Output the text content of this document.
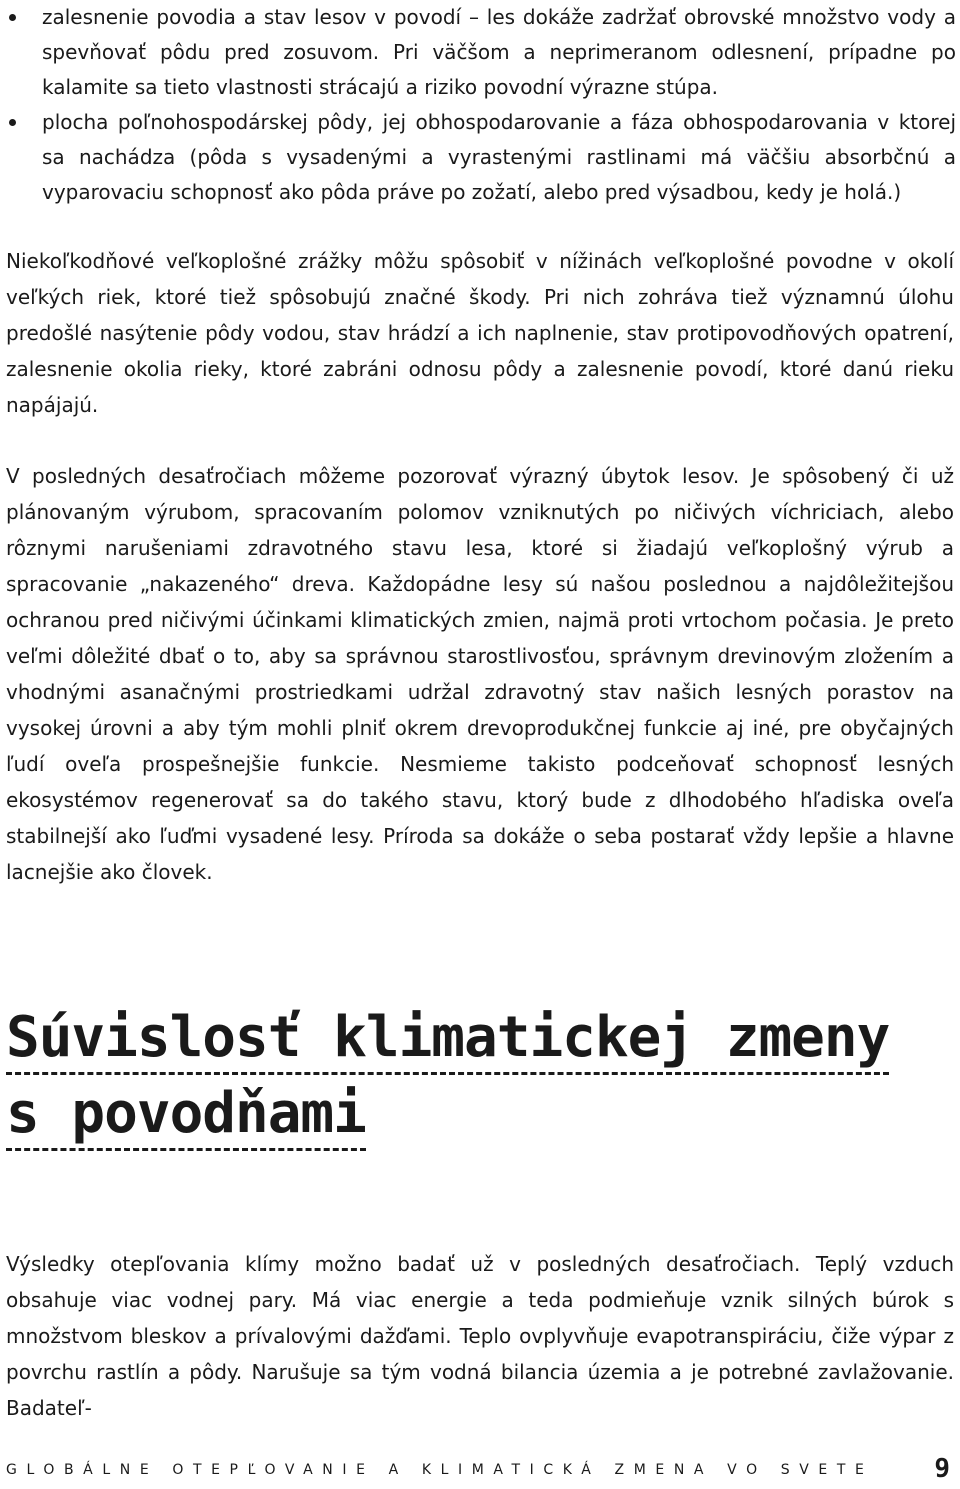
zalesnenie povodia a stav lesov v povodí – les dokáže zadržať obrovské množstvo vody a spevňovať pôdu pred zosuvom. Pri väčšom a neprimeranom odlesnení, prípadne po kalamite sa tieto vlastnosti strácajú a riziko povodní výrazne stúpa.
plocha poľnohospodárskej pôdy, jej obhospodarovanie a fáza obhospodarovania v ktorej sa nachádza (pôda s vysadenými a vyrastenými rastlinami má väčšiu absorbčnú a vyparovaciu schopnosť ako pôda práve po zožatí, alebo pred výsadbou, kedy je holá.)

Niekoľkodňové veľkoplošné zrážky môžu spôsobiť v nížinách veľkoplošné povodne v okolí veľkých riek, ktoré tiež spôsobujú značné škody. Pri nich zohráva tiež významnú úlohu predošlé nasýtenie pôdy vodou, stav hrádzí a ich naplnenie, stav protipovodňových opatrení, zalesnenie okolia rieky, ktoré zabráni odnosu pôdy a zalesnenie povodí, ktoré danú rieku napájajú.

V posledných desaťročiach môžeme pozorovať výrazný úbytok lesov. Je spôsobený či už plánovaným výrubom, spracovaním polomov vzniknutých po ničivých víchriciach, alebo rôznymi narušeniami zdravotného stavu lesa, ktoré si žiadajú veľkoplošný výrub a spracovanie „nakazeného“ dreva. Každopádne lesy sú našou poslednou a najdôležitejšou ochranou pred ničivými účinkami klimatických zmien, najmä proti vrtochom počasia. Je preto veľmi dôležité dbať o to, aby sa správnou starostlivosťou, správnym drevinovým zložením a vhodnými asanačnými prostriedkami udržal zdravotný stav našich lesných porastov na vysokej úrovni a aby tým mohli plniť okrem drevoprodukčnej funkcie aj iné, pre obyčajných ľudí oveľa prospešnejšie funkcie. Nesmieme takisto podceňovať schopnosť lesných ekosystémov regenerovať sa do takého stavu, ktorý bude z dlhodobého hľadiska oveľa stabilnejší ako ľuďmi vysadené lesy. Príroda sa dokáže o seba postarať vždy lepšie a hlavne lacnejšie ako človek.

Súvislosť klimatickej zmeny
s povodňami

Výsledky otepľovania klímy možno badať už v posledných desaťročiach. Teplý vzduch obsahuje viac vodnej pary. Má viac energie a teda podmieňuje vznik silných búrok s množstvom bleskov a prívalovými dažďami. Teplo ovplyvňuje evapotranspiráciu, čiže výpar z povrchu rastlín a pôdy. Narušuje sa tým vodná bilancia územia a je potrebné zavlažovanie. Badateľ-

GLOBÁLNE OTEPĽOVANIE A KLIMATICKÁ ZMENA VO SVETE 9
